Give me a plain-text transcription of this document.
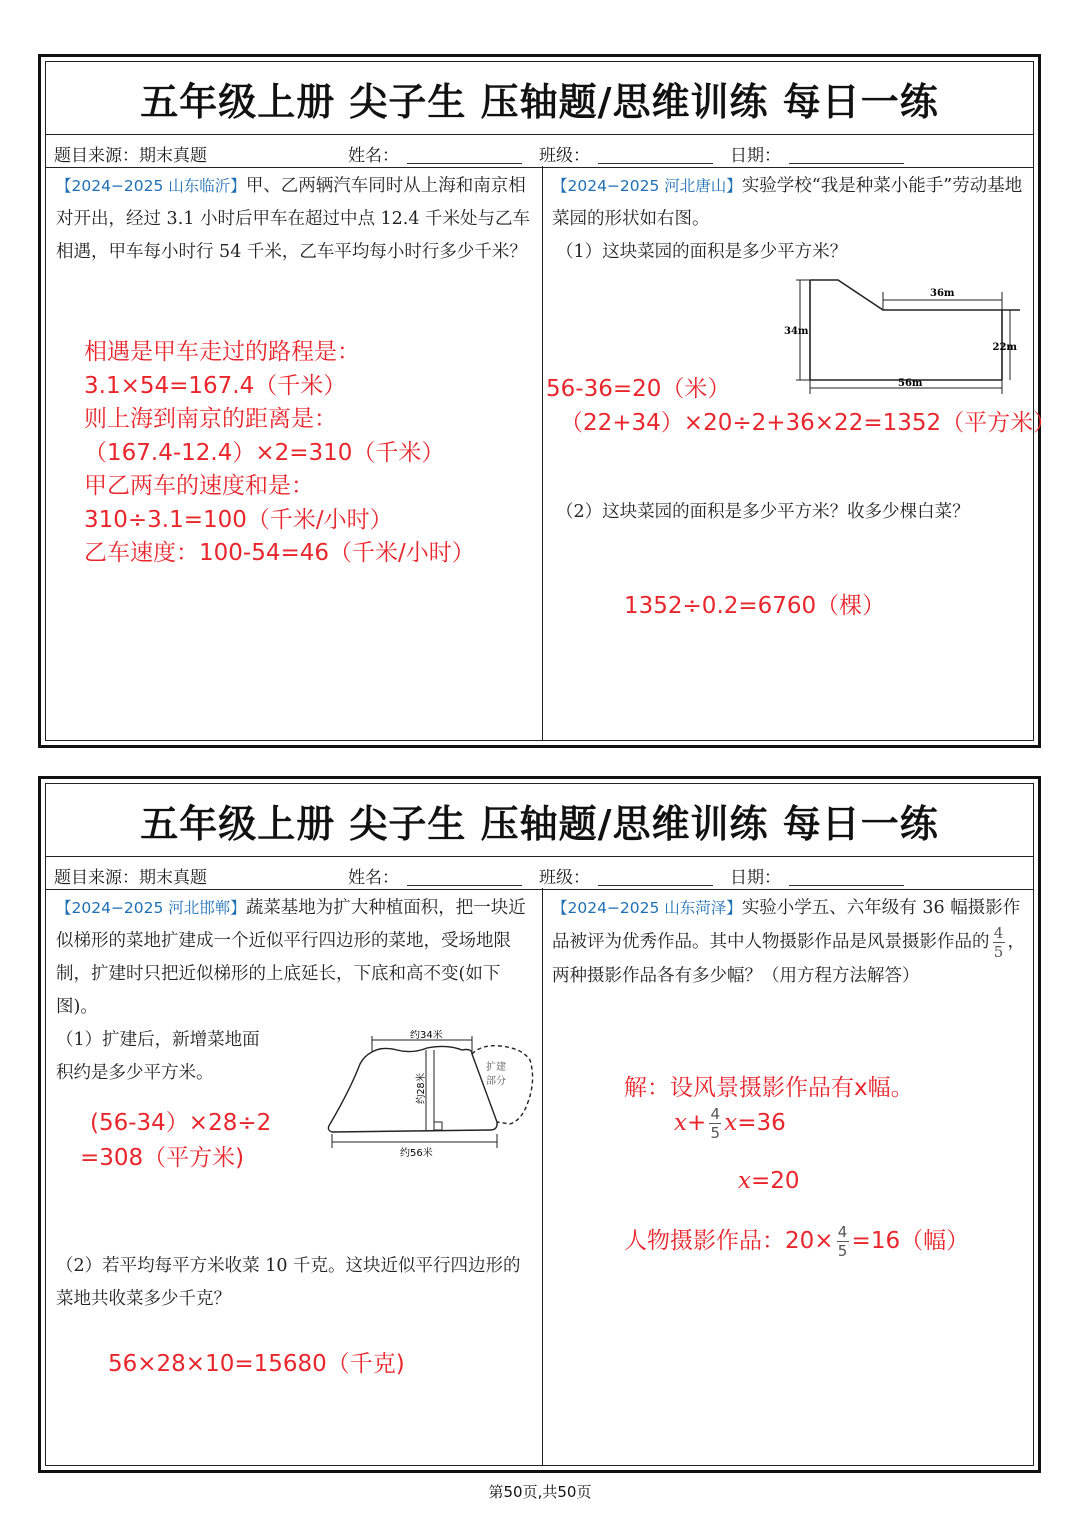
五年级上册 尖子生 压轴题/思维训练 每日一练
题目来源：期末真题	姓名：	班级：	日期：
【2024−2025 山东临沂】甲、乙两辆汽车同时从上海和南京相对开出，经过 3.1 小时后甲车在超过中点 12.4 千米处与乙车相遇，甲车每小时行 54 千米，乙车平均每小时行多少千米？
相遇是甲车走过的路程是：
3.1×54=167.4（千米）
则上海到南京的距离是：
（167.4-12.4）×2=310（千米）
甲乙两车的速度和是：
310÷3.1=100（千米/小时）
乙车速度：100-54=46（千米/小时）
【2024−2025 河北唐山】实验学校“我是种菜小能手”劳动基地菜园的形状如右图。
（1）这块菜园的面积是多少平方米？
36m
34m
22m
56m
56-36=20（米）
（22+34）×20÷2+36×22=1352（平方米）
（2）这块菜园的面积是多少平方米？收多少棵白菜？
1352÷0.2=6760（棵）
五年级上册 尖子生 压轴题/思维训练 每日一练
题目来源：期末真题	姓名：	班级：	日期：
【2024−2025 河北邯郸】蔬菜基地为扩大种植面积，把一块近似梯形的菜地扩建成一个近似平行四边形的菜地，受场地限制，扩建时只把近似梯形的上底延长，下底和高不变(如下图)。
（1）扩建后，新增菜地面
积约是多少平方米。
约34米
约28米
约56米
扩建
部分
(56-34）×28÷2
=308（平方米)
（2）若平均每平方米收菜 10 千克。这块近似平行四边形的菜地共收菜多少千克？
56×28×10=15680（千克)
【2024−2025 山东菏泽】实验小学五、六年级有 36 幅摄影作品被评为优秀作品。其中人物摄影作品是风景摄影作品的 $\frac{4}{5}$ ，两种摄影作品各有多少幅？（用方程方法解答）
解：设风景摄影作品有x幅。
$x+ \frac{4}{5} x=36$
x=20
人物摄影作品：$20\times \frac{4}{5} =16$（幅）
第50页,共50页
